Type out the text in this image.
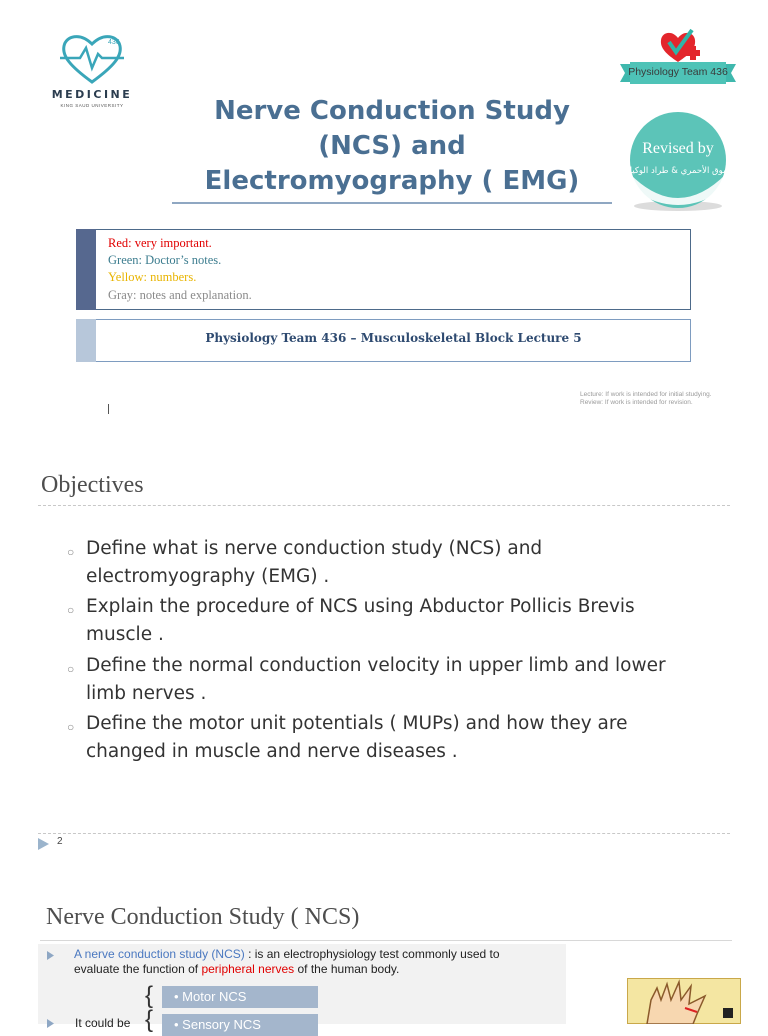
436
MEDICINE
KING SAUD UNIVERSITY	Nerve Conduction Study
(NCS) and
Electromyography ( EMG)
Physiology Team 436
Revised by
شوق الأحمري & طراد الوكيل
Red: very important.
Green: Doctor’s notes.
Yellow: numbers.
Gray: notes and explanation.
Physiology Team 436 – Musculoskeletal Block Lecture 5
Lecture: If work is intended for initial studying.
Review: If work is intended for revision.
Objectives
○ Define what is nerve conduction study (NCS) and
electromyography (EMG) .
○ Explain the procedure of NCS using Abductor Pollicis Brevis
muscle .
○ Define the normal conduction velocity in upper limb and lower
limb nerves .
○ Define the motor unit potentials ( MUPs) and how they are
changed in muscle and nerve diseases .
2
Nerve Conduction Study ( NCS)
A nerve conduction study (NCS) : is an electrophysiology test commonly used to
evaluate the function of peripheral nerves of the human body.
It could be
{
{
• Motor NCS
• Sensory NCS
